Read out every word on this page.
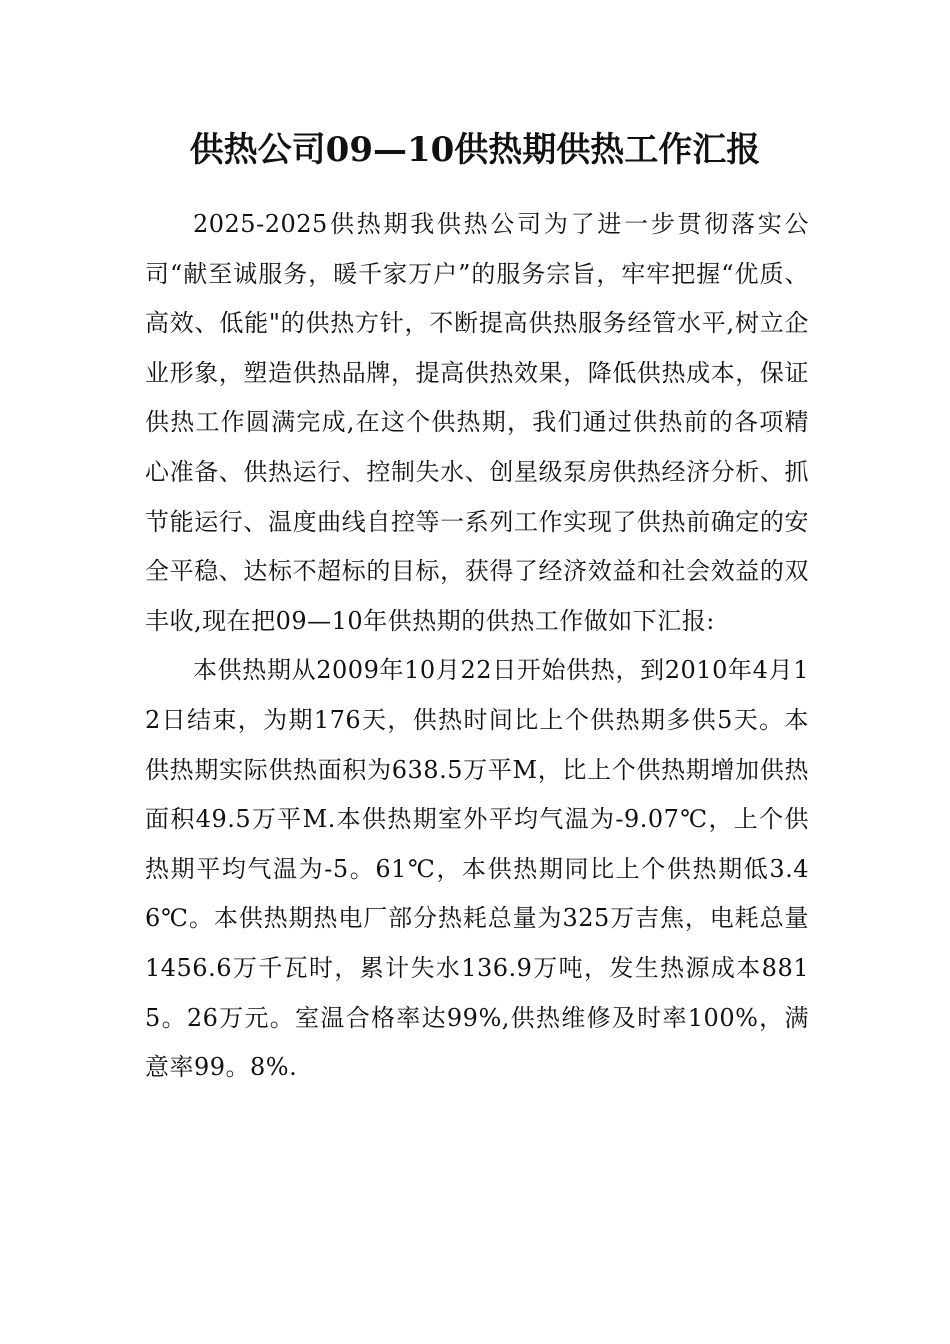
供热公司09—10供热期供热工作汇报

2025-2025供热期我供热公司为了进一步贯彻落实公司“献至诚服务，暖千家万户”的服务宗旨，牢牢把握“优质、高效、低能"的供热方针，不断提高供热服务经管水平,树立企业形象，塑造供热品牌，提高供热效果，降低供热成本，保证供热工作圆满完成,在这个供热期，我们通过供热前的各项精心准备、供热运行、控制失水、创星级泵房供热经济分析、抓节能运行、温度曲线自控等一系列工作实现了供热前确定的安全平稳、达标不超标的目标，获得了经济效益和社会效益的双丰收,现在把09—10年供热期的供热工作做如下汇报:

本供热期从2009年10月22日开始供热，到2010年4月12日结束，为期176天，供热时间比上个供热期多供5天。本供热期实际供热面积为638.5万平M，比上个供热期增加供热面积49.5万平M.本供热期室外平均气温为-9.07℃，上个供热期平均气温为-5。61℃，本供热期同比上个供热期低3.46℃。本供热期热电厂部分热耗总量为325万吉焦，电耗总量1456.6万千瓦时，累计失水136.9万吨，发生热源成本8815。26万元。室温合格率达99%,供热维修及时率100%，满意率99。8%.
